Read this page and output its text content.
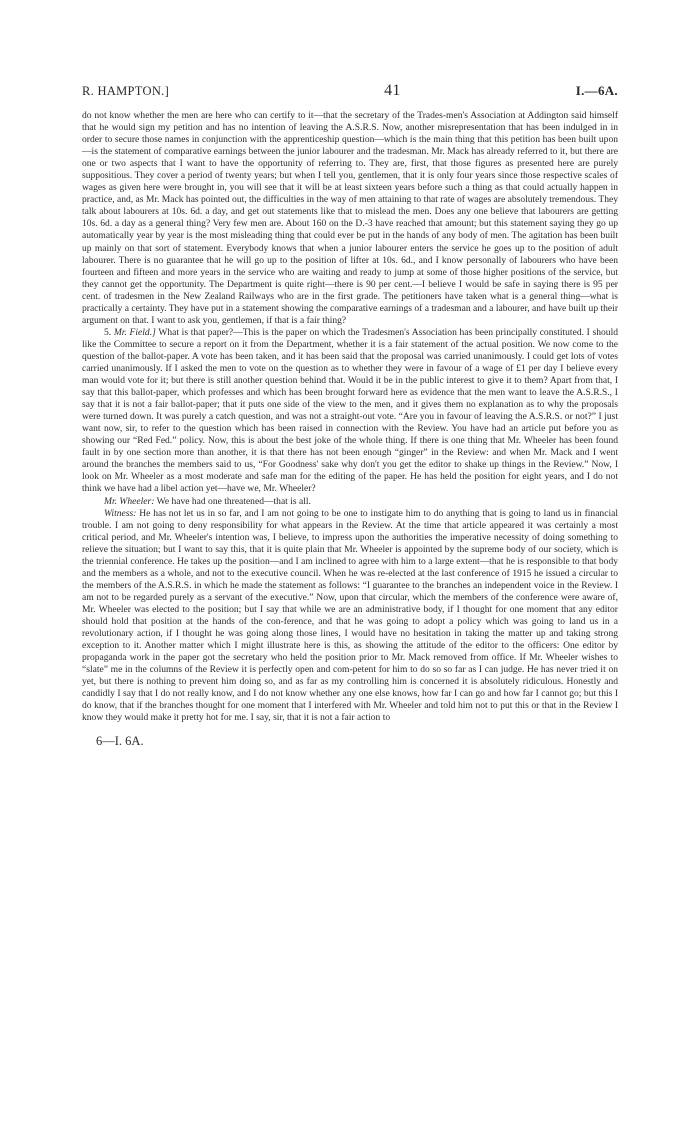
R. HAMPTON.]	41	I.—6A.

do not know whether the men are here who can certify to it—that the secretary of the Trades-men's Association at Addington said himself that he would sign my petition and has no intention of leaving the A.S.R.S. Now, another misrepresentation that has been indulged in in order to secure those names in conjunction with the apprenticeship question—which is the main thing that this petition has been built upon—is the statement of comparative earnings between the junior labourer and the tradesman. Mr. Mack has already referred to it, but there are one or two aspects that I want to have the opportunity of referring to. They are, first, that those figures as presented here are purely suppositious. They cover a period of twenty years; but when I tell you, gentlemen, that it is only four years since those respective scales of wages as given here were brought in, you will see that it will be at least sixteen years before such a thing as that could actually happen in practice, and, as Mr. Mack has pointed out, the difficulties in the way of men attaining to that rate of wages are absolutely tremendous. They talk about labourers at 10s. 6d. a day, and get out statements like that to mislead the men. Does any one believe that labourers are getting 10s. 6d. a day as a general thing? Very few men are. About 160 on the D.-3 have reached that amount; but this statement saying they go up automatically year by year is the most misleading thing that could ever be put in the hands of any body of men. The agitation has been built up mainly on that sort of statement. Everybody knows that when a junior labourer enters the service he goes up to the position of adult labourer. There is no guarantee that he will go up to the position of lifter at 10s. 6d., and I know personally of labourers who have been fourteen and fifteen and more years in the service who are waiting and ready to jump at some of those higher positions of the service, but they cannot get the opportunity. The Department is quite right—there is 90 per cent.—I believe I would be safe in saying there is 95 per cent. of tradesmen in the New Zealand Railways who are in the first grade. The petitioners have taken what is a general thing—what is practically a certainty. They have put in a statement showing the comparative earnings of a tradesman and a labourer, and have built up their argument on that. I want to ask you, gentlemen, if that is a fair thing?

5. Mr. Field.] What is that paper?—This is the paper on which the Tradesmen's Association has been principally constituted. I should like the Committee to secure a report on it from the Department, whether it is a fair statement of the actual position. We now come to the question of the ballot-paper. A vote has been taken, and it has been said that the proposal was carried unanimously. I could get lots of votes carried unanimously. If I asked the men to vote on the question as to whether they were in favour of a wage of £1 per day I believe every man would vote for it; but there is still another question behind that. Would it be in the public interest to give it to them? Apart from that, I say that this ballot-paper, which professes and which has been brought forward here as evidence that the men want to leave the A.S.R.S., I say that it is not a fair ballot-paper; that it puts one side of the view to the men, and it gives them no explanation as to why the proposals were turned down. It was purely a catch question, and was not a straight-out vote. “Are you in favour of leaving the A.S.R.S. or not?” I just want now, sir, to refer to the question which has been raised in connection with the Review. You have had an article put before you as showing our “Red Fed.” policy. Now, this is about the best joke of the whole thing. If there is one thing that Mr. Wheeler has been found fault in by one section more than another, it is that there has not been enough “ginger” in the Review: and when Mr. Mack and I went around the branches the members said to us, “For Goodness' sake why don't you get the editor to shake up things in the Review.” Now, I look on Mr. Wheeler as a most moderate and safe man for the editing of the paper. He has held the position for eight years, and I do not think we have had a libel action yet—have we, Mr. Wheeler?

Mr. Wheeler: We have had one threatened—that is all.

Witness: He has not let us in so far, and I am not going to be one to instigate him to do anything that is going to land us in financial trouble. I am not going to deny responsibility for what appears in the Review. At the time that article appeared it was certainly a most critical period, and Mr. Wheeler's intention was, I believe, to impress upon the authorities the imperative necessity of doing something to relieve the situation; but I want to say this, that it is quite plain that Mr. Wheeler is appointed by the supreme body of our society, which is the triennial conference. He takes up the position—and I am inclined to agree with him to a large extent—that he is responsible to that body and the members as a whole, and not to the executive council. When he was re-elected at the last conference of 1915 he issued a circular to the members of the A.S.R.S. in which he made the statement as follows: “I guarantee to the branches an independent voice in the Review. I am not to be regarded purely as a servant of the executive.” Now, upon that circular, which the members of the conference were aware of, Mr. Wheeler was elected to the position; but I say that while we are an administrative body, if I thought for one moment that any editor should hold that position at the hands of the con-ference, and that he was going to adopt a policy which was going to land us in a revolutionary action, if I thought he was going along those lines, I would have no hesitation in taking the matter up and taking strong exception to it. Another matter which I might illustrate here is this, as showing the attitude of the editor to the officers: One editor by propaganda work in the paper got the secretary who held the position prior to Mr. Mack removed from office. If Mr. Wheeler wishes to “slate” me in the columns of the Review it is perfectly open and com-petent for him to do so so far as I can judge. He has never tried it on yet, but there is nothing to prevent him doing so, and as far as my controlling him is concerned it is absolutely ridiculous. Honestly and candidly I say that I do not really know, and I do not know whether any one else knows, how far I can go and how far I cannot go; but this I do know, that if the branches thought for one moment that I interfered with Mr. Wheeler and told him not to put this or that in the Review I know they would make it pretty hot for me. I say, sir, that it is not a fair action to

6—I. 6A.
